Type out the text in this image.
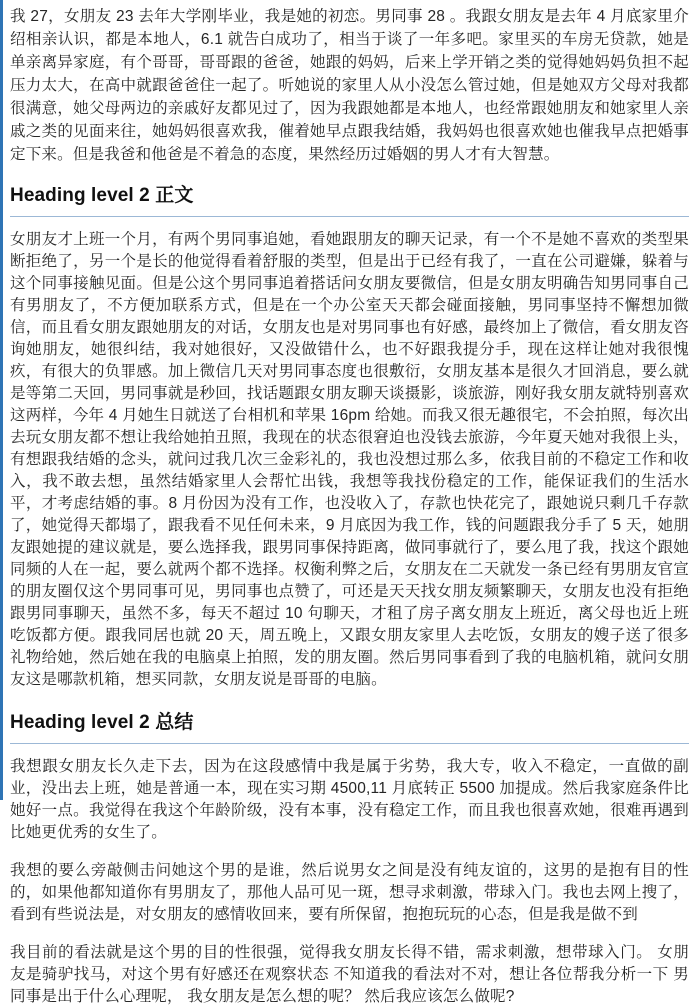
我 27，女朋友 23 去年大学刚毕业，我是她的初恋。男同事 28 。我跟女朋友是去年 4 月底家里介绍相亲认识，都是本地人，6.1 就告白成功了，相当于谈了一年多吧。家里买的车房无贷款，她是单亲离异家庭，有个哥哥，哥哥跟的爸爸，她跟的妈妈，后来上学开销之类的觉得她妈妈负担不起压力太大，在高中就跟爸爸住一起了。听她说的家里人从小没怎么管过她，但是她双方父母对我都很满意，她父母两边的亲戚好友都见过了，因为我跟她都是本地人，也经常跟她朋友和她家里人亲戚之类的见面来往，她妈妈很喜欢我，催着她早点跟我结婚，我妈妈也很喜欢她也催我早点把婚事定下来。但是我爸和他爸是不着急的态度，果然经历过婚姻的男人才有大智慧。

Heading level 2 正文

女朋友才上班一个月，有两个男同事追她，看她跟朋友的聊天记录，有一个不是她不喜欢的类型果断拒绝了，另一个是长的他觉得看着舒服的类型，但是出于已经有我了，一直在公司避嫌，躲着与这个同事接触见面。但是公这个男同事追着搭话问女朋友要微信，但是女朋友明确告知男同事自己有男朋友了，不方便加联系方式，但是在一个办公室天天都会碰面接触，男同事坚持不懈想加微信，而且看女朋友跟她朋友的对话，女朋友也是对男同事也有好感，最终加上了微信，看女朋友咨询她朋友，她很纠结，我对她很好，又没做错什么，也不好跟我提分手，现在这样让她对我很愧疚，有很大的负罪感。加上微信几天对男同事态度也很敷衍，女朋友基本是很久才回消息，要么就是等第二天回，男同事就是秒回，找话题跟女朋友聊天谈摄影，谈旅游，刚好我女朋友就特别喜欢这两样，今年 4 月她生日就送了台相机和苹果 16pm 给她。而我又很无趣很宅，不会拍照，每次出去玩女朋友都不想让我给她拍丑照，我现在的状态很窘迫也没钱去旅游，今年夏天她对我很上头，有想跟我结婚的念头，就问过我几次三金彩礼的，我也没想过那么多，依我目前的不稳定工作和收入，我不敢去想，虽然结婚家里人会帮忙出钱，我想等我找份稳定的工作，能保证我们的生活水平，才考虑结婚的事。8 月份因为没有工作，也没收入了，存款也快花完了，跟她说只剩几千存款了，她觉得天都塌了，跟我看不见任何未来，9 月底因为我工作，钱的问题跟我分手了 5 天，她朋友跟她提的建议就是，要么选择我，跟男同事保持距离，做同事就行了，要么甩了我，找这个跟她同频的人在一起，要么就两个都不选择。权衡利弊之后，女朋友在二天就发一条已经有男朋友官宣的朋友圈仅这个男同事可见，男同事也点赞了，可还是天天找女朋友频繁聊天，女朋友也没有拒绝跟男同事聊天，虽然不多，每天不超过 10 句聊天，才租了房子离女朋友上班近，离父母也近上班吃饭都方便。跟我同居也就 20 天，周五晚上，又跟女朋友家里人去吃饭，女朋友的嫂子送了很多礼物给她，然后她在我的电脑桌上拍照，发的朋友圈。然后男同事看到了我的电脑机箱，就问女朋友这是哪款机箱，想买同款，女朋友说是哥哥的电脑。

Heading level 2 总结

我想跟女朋友长久走下去，因为在这段感情中我是属于劣势，我大专，收入不稳定，一直做的副业，没出去上班，她是普通一本，现在实习期 4500,11 月底转正 5500 加提成。然后我家庭条件比她好一点。我觉得在我这个年龄阶级，没有本事，没有稳定工作，而且我也很喜欢她，很难再遇到比她更优秀的女生了。

我想的要么旁敲侧击问她这个男的是谁，然后说男女之间是没有纯友谊的，这男的是抱有目的性的，如果他都知道你有男朋友了，那他人品可见一斑，想寻求刺激，带球入门。我也去网上搜了，看到有些说法是，对女朋友的感情收回来，要有所保留，抱抱玩玩的心态，但是我是做不到

我目前的看法就是这个男的目的性很强，觉得我女朋友长得不错，需求刺激，想带球入门。 女朋友是骑驴找马，对这个男有好感还在观察状态 不知道我的看法对不对，想让各位帮我分析一下 男同事是出于什么心理呢， 我女朋友是怎么想的呢？ 然后我应该怎么做呢?
